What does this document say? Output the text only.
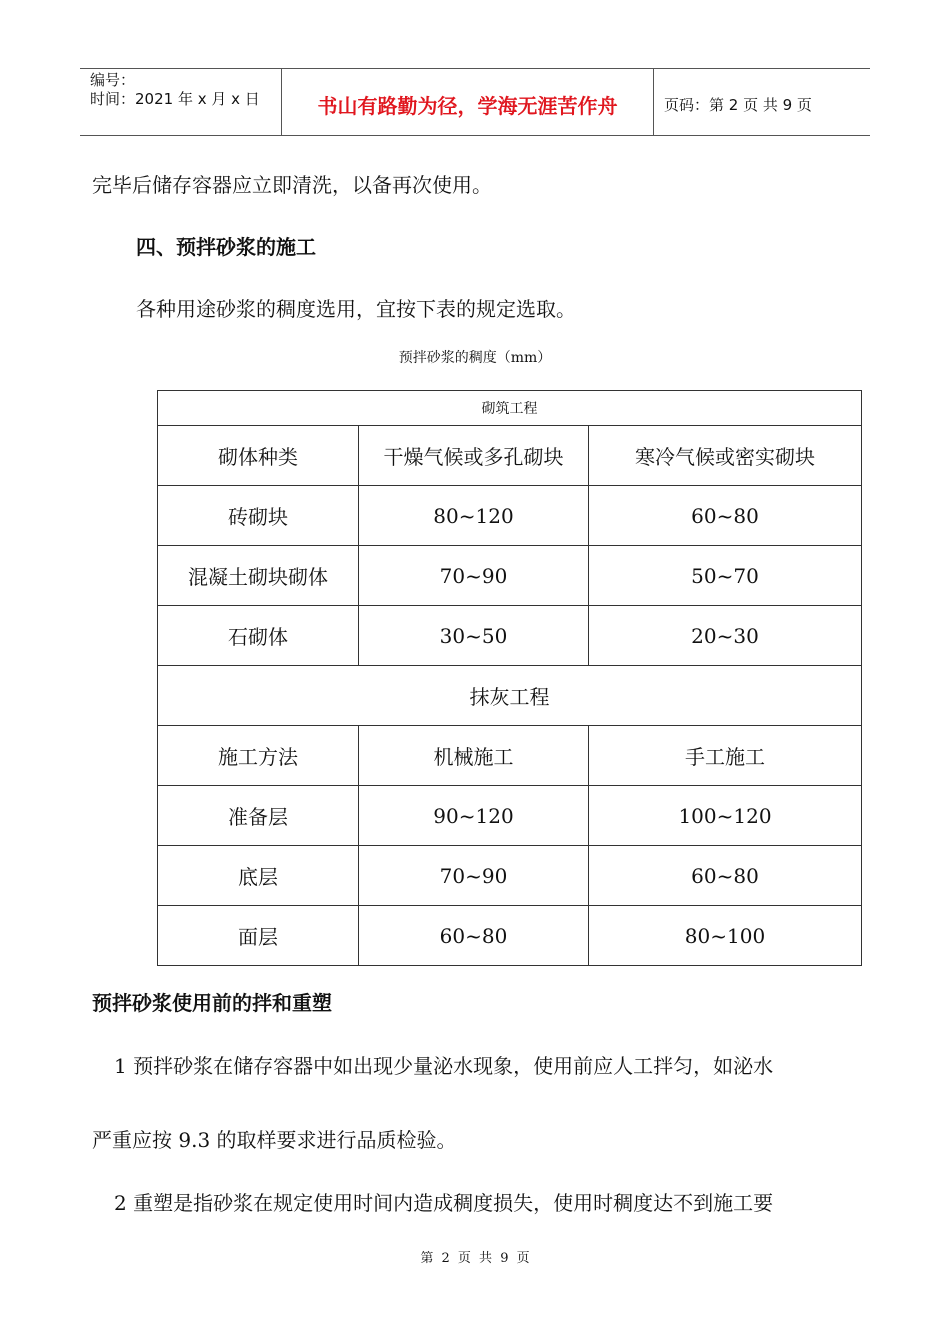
编号：
时间：2021 年 x 月 x 日	书山有路勤为径，学海无涯苦作舟	页码：第 2 页 共 9 页
完毕后储存容器应立即清洗，以备再次使用。
四、预拌砂浆的施工
各种用途砂浆的稠度选用，宜按下表的规定选取。
预拌砂浆的稠度（mm）
砌筑工程		
砌体种类	干燥气候或多孔砌块	寒冷气候或密实砌块
砖砌块	80~120	60~80
混凝土砌块砌体	70~90	50~70
石砌体	30~50	20~30
抹灰工程		
施工方法	机械施工	手工施工
准备层	90~120	100~120
底层	70~90	60~80
面层	60~80	80~100
预拌砂浆使用前的拌和重塑
1 预拌砂浆在储存容器中如出现少量泌水现象，使用前应人工拌匀，如泌水
严重应按 9.3 的取样要求进行品质检验。
2 重塑是指砂浆在规定使用时间内造成稠度损失，使用时稠度达不到施工要
第 2 页 共 9 页
